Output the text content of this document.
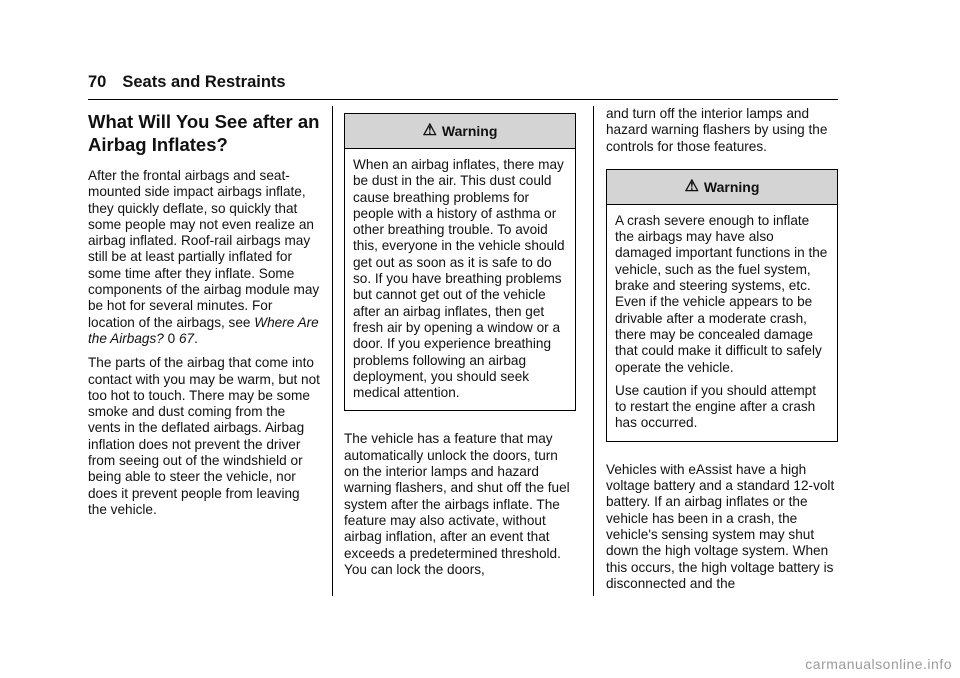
70 Seats and Restraints
What Will You See after an Airbag Inflates?

After the frontal airbags and seat-mounted side impact airbags inflate, they quickly deflate, so quickly that some people may not even realize an airbag inflated. Roof-rail airbags may still be at least partially inflated for some time after they inflate. Some components of the airbag module may be hot for several minutes. For location of the airbags, see Where Are the Airbags? 0 67.

The parts of the airbag that come into contact with you may be warm, but not too hot to touch. There may be some smoke and dust coming from the vents in the deflated airbags. Airbag inflation does not prevent the driver from seeing out of the windshield or being able to steer the vehicle, nor does it prevent people from leaving the vehicle.

⚠ Warning

When an airbag inflates, there may be dust in the air. This dust could cause breathing problems for people with a history of asthma or other breathing trouble. To avoid this, everyone in the vehicle should get out as soon as it is safe to do so. If you have breathing problems but cannot get out of the vehicle after an airbag inflates, then get fresh air by opening a window or a door. If you experience breathing problems following an airbag deployment, you should seek medical attention.

The vehicle has a feature that may automatically unlock the doors, turn on the interior lamps and hazard warning flashers, and shut off the fuel system after the airbags inflate. The feature may also activate, without airbag inflation, after an event that exceeds a predetermined threshold. You can lock the doors,

and turn off the interior lamps and hazard warning flashers by using the controls for those features.

⚠ Warning

A crash severe enough to inflate the airbags may have also damaged important functions in the vehicle, such as the fuel system, brake and steering systems, etc. Even if the vehicle appears to be drivable after a moderate crash, there may be concealed damage that could make it difficult to safely operate the vehicle.

Use caution if you should attempt to restart the engine after a crash has occurred.

Vehicles with eAssist have a high voltage battery and a standard 12-volt battery. If an airbag inflates or the vehicle has been in a crash, the vehicle's sensing system may shut down the high voltage system. When this occurs, the high voltage battery is disconnected and the

carmanualsonline.info
